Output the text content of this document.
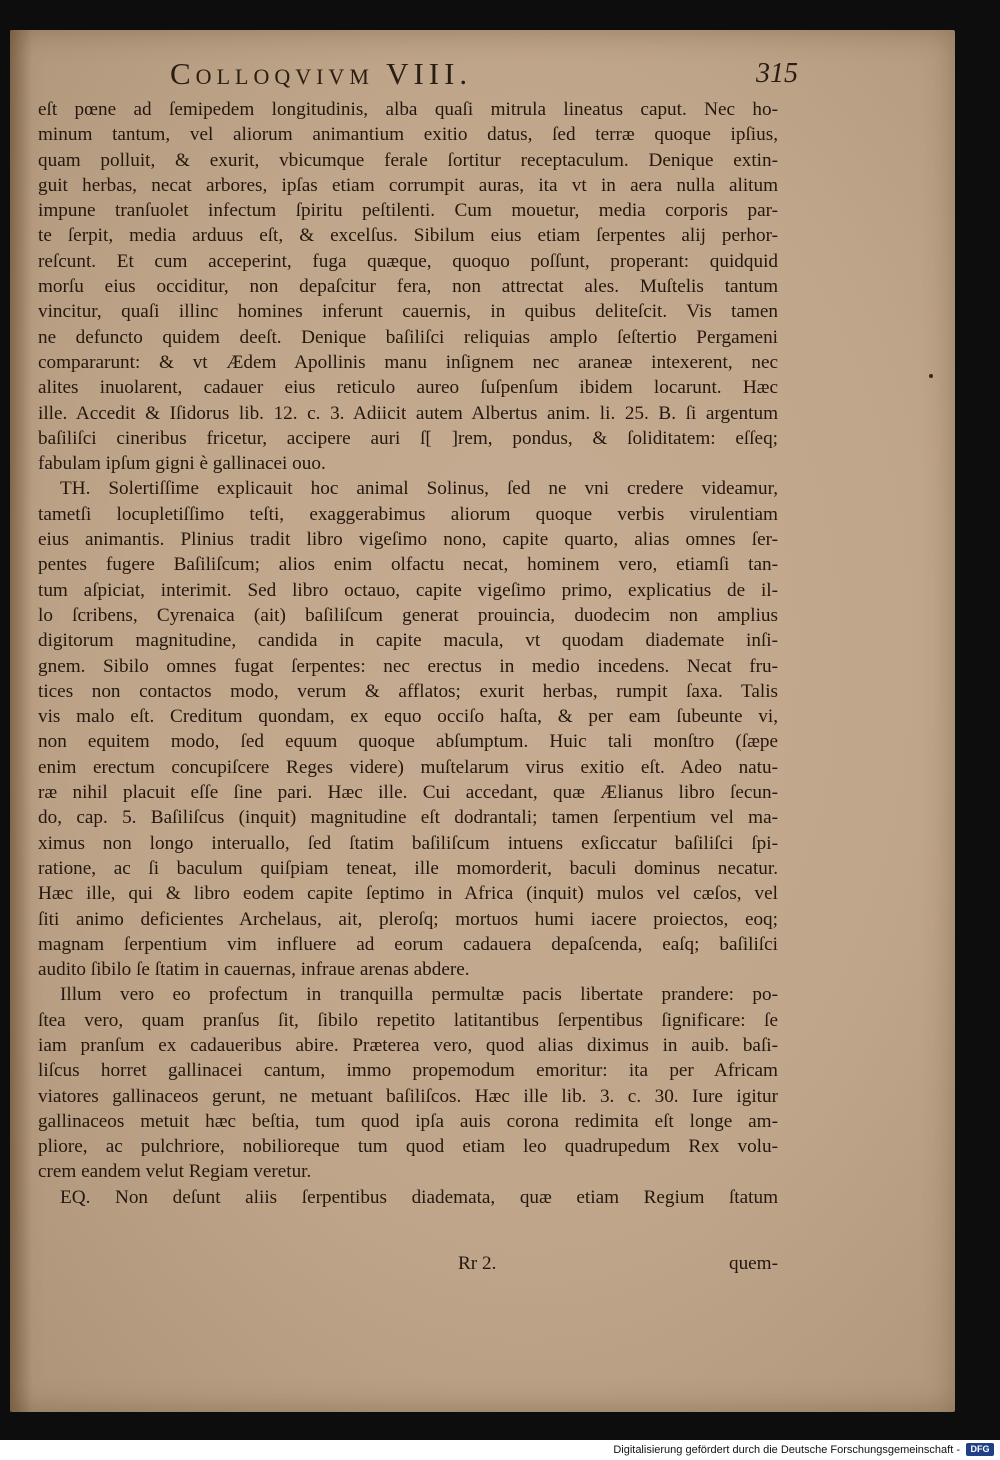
Colloqvivm VIII.	315
eſt pœne ad ſemipedem longitudinis, alba quaſi mitrula lineatus caput. Nec ho-
minum tantum, vel aliorum animantium exitio datus, ſed terræ quoque ipſius,
quam polluit, & exurit, vbicumque ferale ſortitur receptaculum. Denique extin-
guit herbas, necat arbores, ipſas etiam corrumpit auras, ita vt in aera nulla alitum
impune tranſuolet infectum ſpiritu peſtilenti. Cum mouetur, media corporis par-
te ſerpit, media arduus eſt, & excelſus. Sibilum eius etiam ſerpentes alij perhor-
reſcunt. Et cum acceperint, fuga quæque, quoquo poſſunt, properant: quidquid
morſu eius occiditur, non depaſcitur fera, non attrectat ales. Muſtelis tantum
vincitur, quaſi illinc homines inferunt cauernis, in quibus deliteſcit. Vis tamen
ne defuncto quidem deeſt. Denique baſiliſci reliquias amplo ſeſtertio Pergameni
compararunt: & vt Ædem Apollinis manu inſignem nec araneæ intexerent, nec
alites inuolarent, cadauer eius reticulo aureo ſuſpenſum ibidem locarunt. Hæc
ille. Accedit & Iſidorus lib. 12. c. 3. Adiicit autem Albertus anim. li. 25. B. ſi argentum
baſiliſci cineribus fricetur, accipere auri ſ[ ]rem, pondus, & ſoliditatem: eſſeq;
fabulam ipſum gigni è gallinacei ouo.
TH. Solertiſſime explicauit hoc animal Solinus, ſed ne vni credere videamur,
tametſi locupletiſſimo teſti, exaggerabimus aliorum quoque verbis virulentiam
eius animantis. Plinius tradit libro vigeſimo nono, capite quarto, alias omnes ſer-
pentes fugere Baſiliſcum; alios enim olfactu necat, hominem vero, etiamſi tan-
tum aſpiciat, interimit. Sed libro octauo, capite vigeſimo primo, explicatius de il-
lo ſcribens, Cyrenaica (ait) baſiliſcum generat prouincia, duodecim non amplius
digitorum magnitudine, candida in capite macula, vt quodam diademate inſi-
gnem. Sibilo omnes fugat ſerpentes: nec erectus in medio incedens. Necat fru-
tices non contactos modo, verum & afflatos; exurit herbas, rumpit ſaxa. Talis
vis malo eſt. Creditum quondam, ex equo occiſo haſta, & per eam ſubeunte vi,
non equitem modo, ſed equum quoque abſumptum. Huic tali monſtro (ſæpe
enim erectum concupiſcere Reges videre) muſtelarum virus exitio eſt. Adeo natu-
ræ nihil placuit eſſe ſine pari. Hæc ille. Cui accedant, quæ Ælianus libro ſecun-
do, cap. 5. Baſiliſcus (inquit) magnitudine eſt dodrantali; tamen ſerpentium vel ma-
ximus non longo interuallo, ſed ſtatim baſiliſcum intuens exſiccatur baſiliſci ſpi-
ratione, ac ſi baculum quiſpiam teneat, ille momorderit, baculi dominus necatur.
Hæc ille, qui & libro eodem capite ſeptimo in Africa (inquit) mulos vel cæſos, vel
ſiti animo deficientes Archelaus, ait, pleroſq; mortuos humi iacere proiectos, eoq;
magnam ſerpentium vim influere ad eorum cadauera depaſcenda, eaſq; baſiliſci
audito ſibilo ſe ſtatim in cauernas, infraue arenas abdere.
Illum vero eo profectum in tranquilla permultæ pacis libertate prandere: po-
ſtea vero, quam pranſus ſit, ſibilo repetito latitantibus ſerpentibus ſignificare: ſe
iam pranſum ex cadaueribus abire. Præterea vero, quod alias diximus in auib. baſi-
liſcus horret gallinacei cantum, immo propemodum emoritur: ita per Africam
viatores gallinaceos gerunt, ne metuant baſiliſcos. Hæc ille lib. 3. c. 30. Iure igitur
gallinaceos metuit hæc beſtia, tum quod ipſa auis corona redimita eſt longe am-
pliore, ac pulchriore, nobilioreque tum quod etiam leo quadrupedum Rex volu-
crem eandem velut Regiam veretur.
EQ. Non deſunt aliis ſerpentibus diademata, quæ etiam Regium ſtatum
Rr 2.	quem-
Digitalisierung gefördert durch die Deutsche Forschungsgemeinschaft -	DFG
